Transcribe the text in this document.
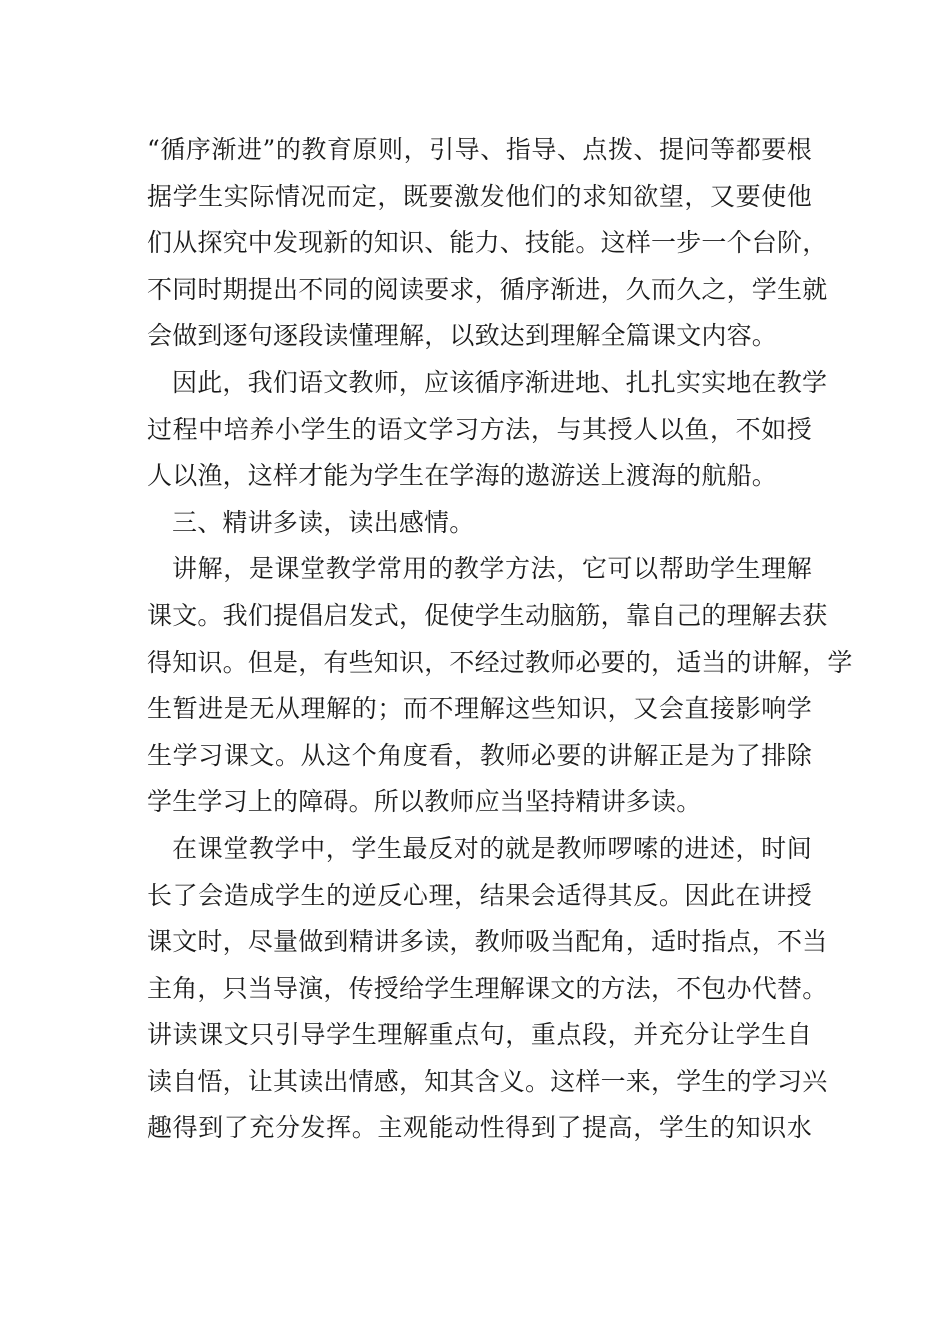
“循序渐进”的教育原则，引导、指导、点拨、提问等都要根
据学生实际情况而定，既要激发他们的求知欲望，又要使他
们从探究中发现新的知识、能力、技能。这样一步一个台阶，
不同时期提出不同的阅读要求，循序渐进，久而久之，学生就
会做到逐句逐段读懂理解，以致达到理解全篇课文内容。
因此，我们语文教师，应该循序渐进地、扎扎实实地在教学
过程中培养小学生的语文学习方法，与其授人以鱼，不如授
人以渔，这样才能为学生在学海的遨游送上渡海的航船。
三、精讲多读，读出感情。
讲解，是课堂教学常用的教学方法，它可以帮助学生理解
课文。我们提倡启发式，促使学生动脑筋，靠自己的理解去获
得知识。但是，有些知识，不经过教师必要的，适当的讲解，学
生暂进是无从理解的；而不理解这些知识，又会直接影响学
生学习课文。从这个角度看，教师必要的讲解正是为了排除
学生学习上的障碍。所以教师应当坚持精讲多读。
在课堂教学中，学生最反对的就是教师啰嗦的进述，时间
长了会造成学生的逆反心理，结果会适得其反。因此在讲授
课文时，尽量做到精讲多读，教师吸当配角，适时指点，不当
主角，只当导演，传授给学生理解课文的方法，不包办代替。
讲读课文只引导学生理解重点句，重点段，并充分让学生自
读自悟，让其读出情感，知其含义。这样一来，学生的学习兴
趣得到了充分发挥。主观能动性得到了提高，学生的知识水
